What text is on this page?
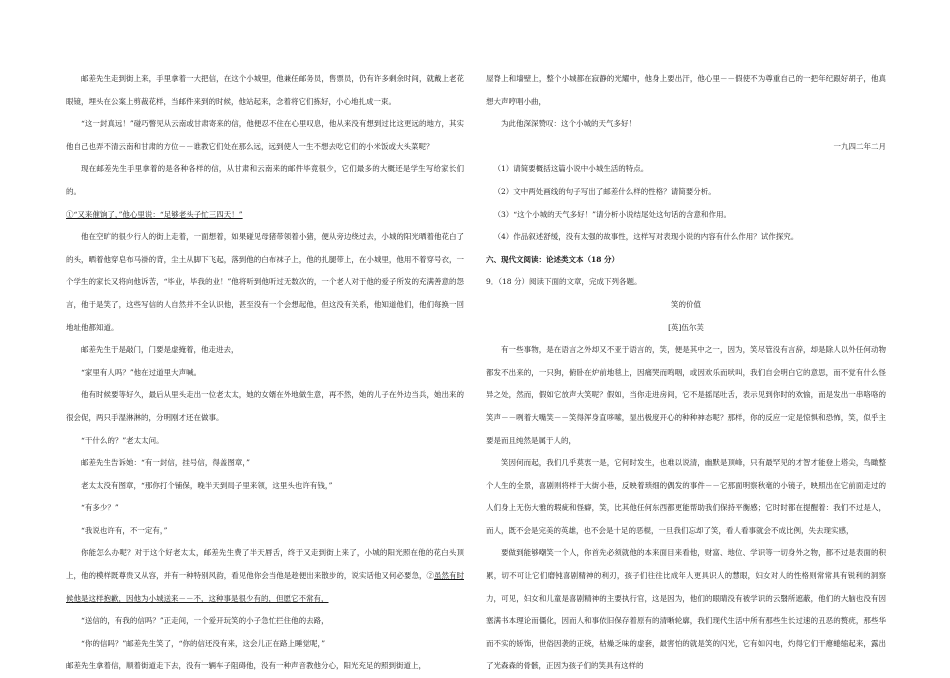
邮差先生走到街上来，手里拿着一大把信，在这个小城里，他兼任邮务员，售票员，仍有许多剩余时间，就戴上老花眼镜，埋头在公案上剪裁花样，当邮件来到的时候，他站起来，念着将它们拣好，小心地扎成一束。

“这一封真远！”碰巧瞥见从云南或甘肃寄来的信，他便忍不住在心里叹息，他从来没有想到过比这更远的地方，其实他自己也弄不清云南和甘肃的方位－－谁教它们处在那么远，远到使人一生不想去吃它们的小米饭或大头菜呢？

现在邮差先生手里拿着的是各种各样的信，从甘肃和云南来的邮件毕竟很少，它们最多的大概还是学生写给家长们的。

①“又来催饷了，”他心里说：“足够老头子忙三四天！”

他在空旷的很少行人的街上走着，一面想着，如果碰见母猪带领着小猪，便从旁边绕过去，小城的阳光晒着他花白了的头，晒着他穿皂布马褂的背，尘土从脚下飞起，落到他的白布袜子上，他的扎腿带上，在小城里，他用不着穿号衣，一个学生的家长又将向他诉苦，“毕业，毕我的业！”他将听到他听过无数次的，一个老人对于他的爱子所发的充满善意的怨言，他于是笑了，这些写信的人自然并不全认识他，甚至没有一个会想起他，但这没有关系，他知道他们，他们每换一回地址他都知道。

邮差先生于是敲门，门要是虚掩着，他走进去，

“家里有人吗？”他在过道里大声喊。

他有时候要等好久，最后从里头走出一位老太太，她的女婿在外地做生意，再不然，她的儿子在外边当兵，她出来的很会促，两只手湿淋淋的，分明刚才还在做事。

“干什么的？”老太太问。

邮差先生告诉她：“有一封信，挂号信，得盖图章，”

老太太没有图章，“那你打个铺保，晚半天到局子里来领，这里头也许有钱，”

“有多少？”

“我说也许有，不一定有，”

你能怎么办呢？对于这个好老太太，邮差先生费了半天唇舌，终于又走到街上来了，小城的阳光照在他的花白头顶上，他的模样既尊贵又从容，并有一种特别风韵，看见他你会当他是趁便出来散步的，说实话他又何必要急，②虽然有时候他是这样抱歉，因他为小城送来－－不，这种事是很少有的，但愿它不常有，

“送信的，有我的信吗？”正走间，一个爱开玩笑的小子急忙拦住他的去路，

“你的信吗？”邮差先生笑了，“你的信还没有来，这会儿正在路上睡觉呢，”

邮差先生拿着信，顺着街道走下去，没有一辆车子阻碍他，没有一种声音教他分心，阳光充足的照到街道上，

屋脊上和墙壁上，整个小城都在寂静的光耀中，他身上要出汗，他心里－－假使不为尊重自己的一把年纪跟好胡子，他真想大声哼唱小曲，

为此他深深赞叹：这个小城的天气多好！

一九四二年二月

（1）请简要概括这篇小说中小城生活的特点。

（2）文中两处画线的句子写出了邮差什么样的性格？请简要分析。

（3）“这个小城的天气多好！”请分析小说结尾处这句话的含意和作用。

（4）作品叙述舒缓，没有太强的故事性，这样写对表现小说的内容有什么作用？试作探究。

六、现代文阅读：论述类文本（18 分）

9．（18 分）阅读下面的文章，完成下列各题。

笑的价值

[英]伍尔芙

有一些事物，是在语言之外却又不亚于语言的，笑，便是其中之一，因为，笑尽管没有言辞，却是除人以外任何动物都发不出来的，一只狗，俯卧在炉前地毯上，因痛哭而鸣咽，或因欢乐而吠叫，我们自会明白它的意思，而不觉有什么怪异之处，然而，假如它放声大笑呢？假如，当你走进房间，它不是摇尾吐舌，表示见到你时的欢愉，而是发出一串咯咯的笑声－－咧着大嘴笑－－笑得浑身直哆嗦，显出极度开心的种种神态呢？那样，你的反应一定是惊惧和恐怖，笑，似乎主要是而且纯然是属于人的，

笑因何而起，我们几乎莫衷一是，它何时发生，也难以说清，幽默是顶峰，只有最罕见的才智才能登上塔尖，鸟瞰整个人生的全景，喜剧则将样于大街小巷，反映着琐细的偶发的事件－－它那面明察秋毫的小镜子，映照出在它前面走过的人们身上无伤大雅的瑕疵和怪癖，笑，比其他任何东西都更能帮助我们保持平衡感；它时时都在提醒着：我们不过是人，而人，既不会是完美的英雄，也不会是十足的恶棍，一旦我们忘却了笑，看人看事就会不成比例，失去现实感，

要做到能够嘲笑一个人，你首先必须就他的本来面目来看他，财富、地位、学识等一切身外之物，都不过是表面的积累，切不可让它们磨钝喜剧精神的利刃，孩子们往往比成年人更具识人的慧眼，妇女对人的性格则常常具有锐利的洞察力，可见，妇女和儿童是喜剧精神的主要执行官，这是因为，他们的眼睛没有被学识的云翳所遮蔽，他们的大脑也没有因塞满书本理论而僵化，因而人和事依旧保存着原有的清晰轮廓，我们现代生活中所有那些生长过速的丑恶的赘疣，那些华而不实的矫饰，世俗因袭的正统，枯燥乏味的虚套，最害怕的就是笑的闪光，它有如闪电，灼得它们干瘪蜷缩起来，露出了光森森的骨骸，正因为孩子们的笑具有这样的
